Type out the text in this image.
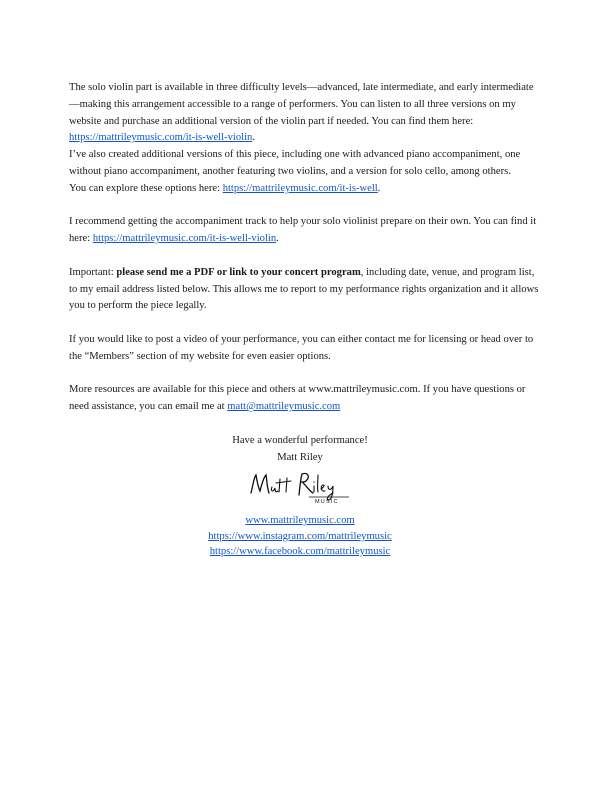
The solo violin part is available in three difficulty levels—advanced, late intermediate, and early intermediate—making this arrangement accessible to a range of performers. You can listen to all three versions on my website and purchase an additional version of the violin part if needed. You can find them here: https://mattrileymusic.com/it-is-well-violin.

I’ve also created additional versions of this piece, including one with advanced piano accompaniment, one without piano accompaniment, another featuring two violins, and a version for solo cello, among others.

You can explore these options here: https://mattrileymusic.com/it-is-well.

I recommend getting the accompaniment track to help your solo violinist prepare on their own. You can find it here: https://mattrileymusic.com/it-is-well-violin.

Important: please send me a PDF or link to your concert program, including date, venue, and program list, to my email address listed below. This allows me to report to my performance rights organization and it allows you to perform the piece legally.

If you would like to post a video of your performance, you can either contact me for licensing or head over to the “Members” section of my website for even easier options.

More resources are available for this piece and others at www.mattrileymusic.com. If you have questions or need assistance, you can email me at matt@mattrileymusic.com

Have a wonderful performance!
Matt Riley
MUSIC
www.mattrileymusic.com
https://www.instagram.com/mattrileymusic
https://www.facebook.com/mattrileymusic
